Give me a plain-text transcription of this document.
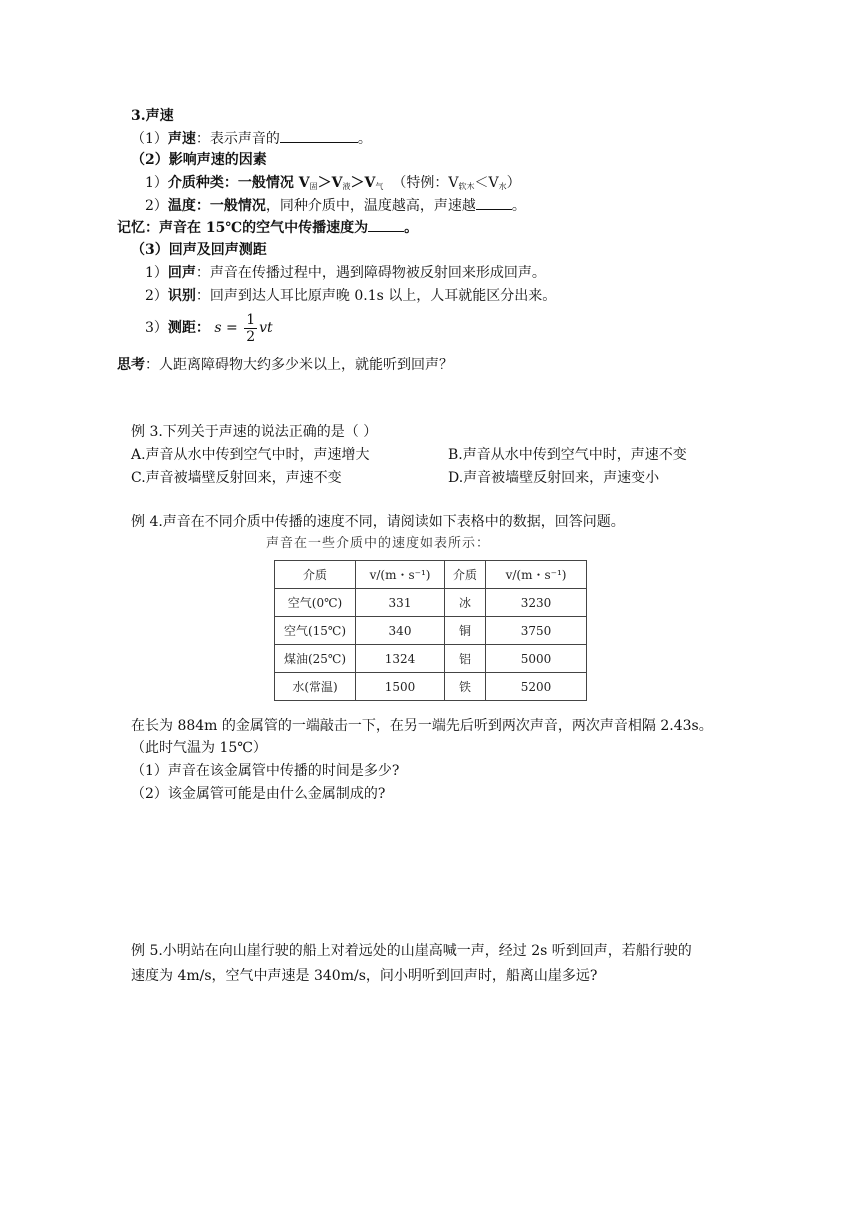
3.声速
（1）声速：表示声音的	。
（2）影响声速的因素
1）介质种类：一般情况 $V_固>V_液>V_气$ （特例：$V_{软木}<V_水$）
2）温度：一般情况，同种介质中，温度越高，声速越	。
记忆：声音在 15℃的空气中传播速度为	。
（3）回声及回声测距
1）回声：声音在传播过程中，遇到障碍物被反射回来形成回声。
2）识别：回声到达人耳比原声晚 0.1s 以上，人耳就能区分出来。
3）测距： $s = \frac{1}{2}$ vt
思考：人距离障碍物大约多少米以上，就能听到回声？
例 3.下列关于声速的说法正确的是（ ）
A.声音从水中传到空气中时，声速增大	B.声音从水中传到空气中时，声速不变
C.声音被墙壁反射回来，声速不变	D.声音被墙壁反射回来，声速变小
例 4.声音在不同介质中传播的速度不同，请阅读如下表格中的数据，回答问题。
声音在一些介质中的速度如表所示：
介质	v/(m・s⁻¹)	介质	v/(m・s⁻¹)
空气(0℃)	331	冰	3230
空气(15℃)	340	铜	3750
煤油(25℃)	1324	铝	5000
水(常温)	1500	铁	5200
在长为 884m 的金属管的一端敲击一下，在另一端先后听到两次声音，两次声音相隔 2.43s。
（此时气温为 15℃）
（1）声音在该金属管中传播的时间是多少?
（2）该金属管可能是由什么金属制成的?
例 5.小明站在向山崖行驶的船上对着远处的山崖高喊一声，经过 2s 听到回声，若船行驶的
速度为 4m/s，空气中声速是 340m/s，问小明听到回声时，船离山崖多远?
